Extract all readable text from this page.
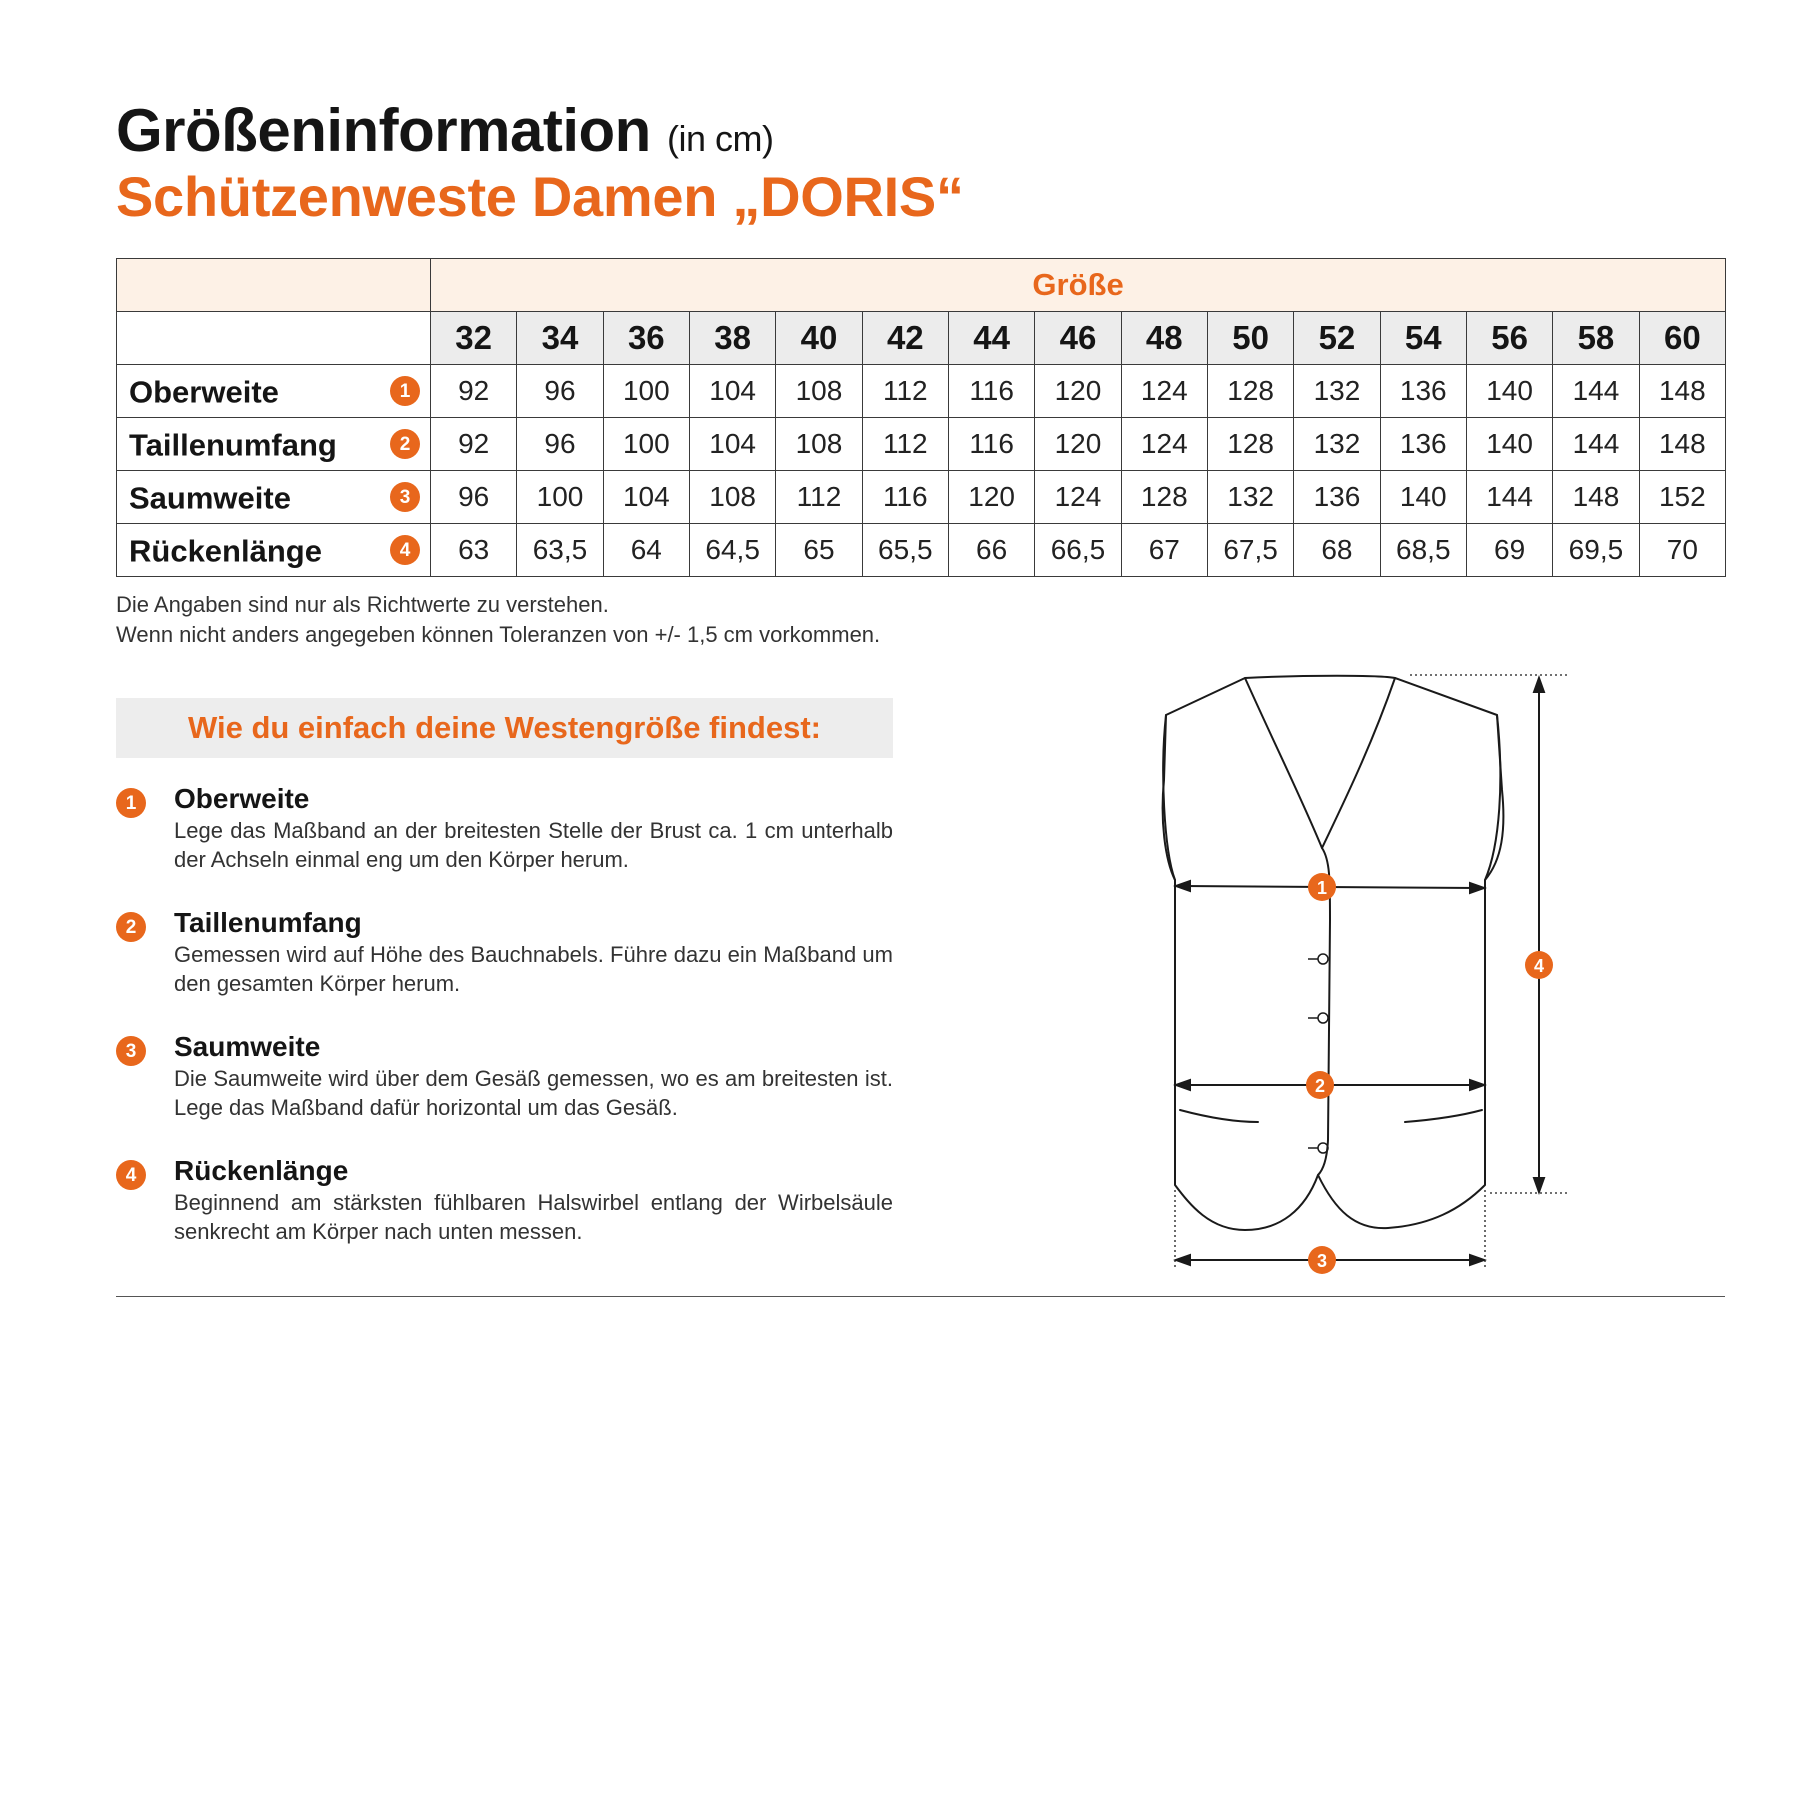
Größeninformation (in cm)
Schützenweste Damen „DORIS“
	Größe														
	32	34	36	38	40	42	44	46	48	50	52	54	56	58	60

Oberweite 1	92	96	100	104	108	112	116	120	124	128	132	136	140	144	148

Taillenumfang 2	92	96	100	104	108	112	116	120	124	128	132	136	140	144	148

Saumweite 3	96	100	104	108	112	116	120	124	128	132	136	140	144	148	152

Rückenlänge 4	63	63,5	64	64,5	65	65,5	66	66,5	67	67,5	68	68,5	69	69,5	70
Die Angaben sind nur als Richtwerte zu verstehen.
Wenn nicht anders angegeben können Toleranzen von +/- 1,5 cm vorkommen.
Wie du einfach deine Westengröße findest:
1	Oberweite
Lege das Maßband an der breitesten Stelle der Brust ca. 1 cm unterhalb der Achseln einmal eng um den Körper herum.
2	Taillenumfang
Gemessen wird auf Höhe des Bauchnabels. Führe dazu ein Maßband um den gesamten Körper herum.
3	Saumweite
Die Saumweite wird über dem Gesäß gemessen, wo es am breitesten ist. Lege das Maßband dafür horizontal um das Gesäß.
4	Rückenlänge
Beginnend am stärksten fühlbaren Halswirbel entlang der Wirbelsäule senkrecht am Körper nach unten messen.
1
2
3
4
